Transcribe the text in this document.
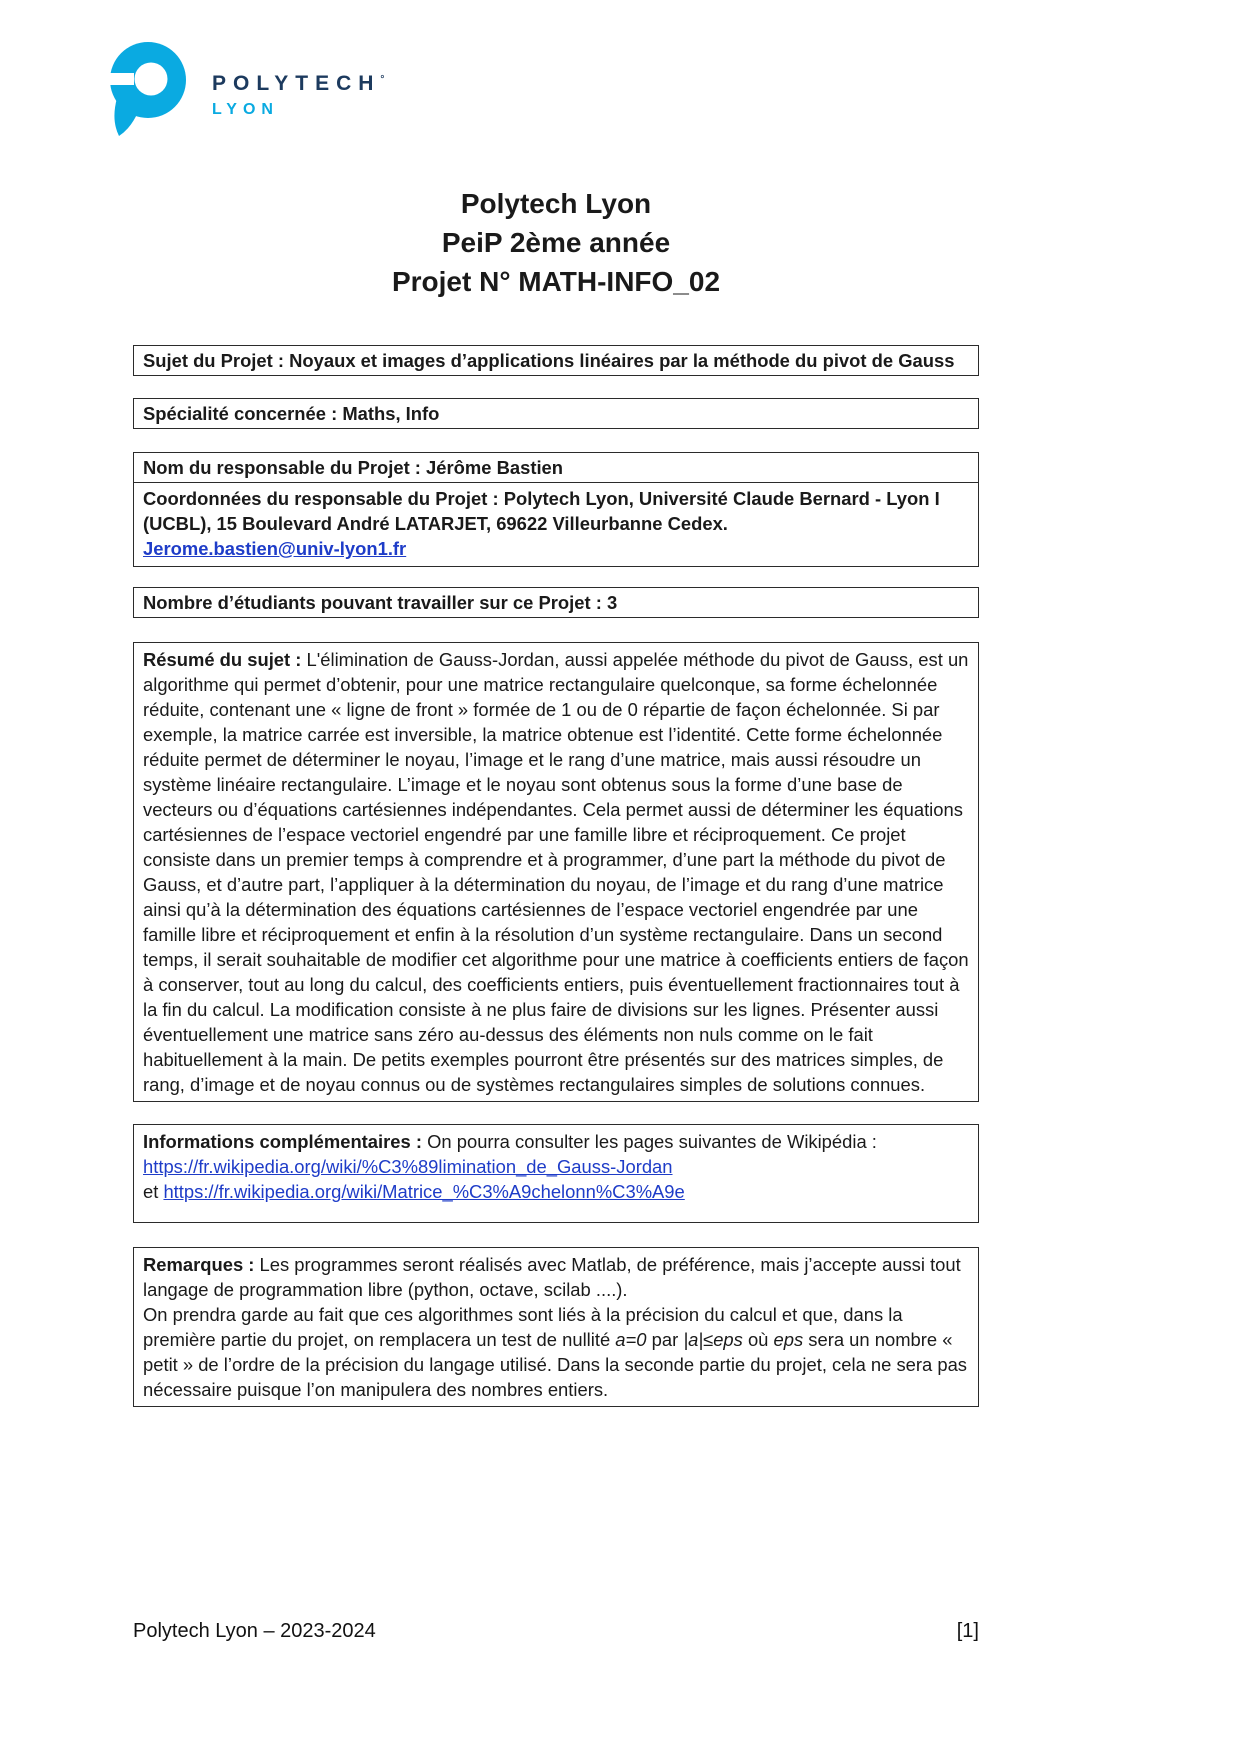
POLYTECH°
LYON
Polytech Lyon
PeiP 2ème année
Projet N° MATH-INFO_02
Sujet du Projet : Noyaux et images d’applications linéaires par la méthode du pivot de Gauss
Spécialité concernée : Maths, Info
Nom du responsable du Projet : Jérôme Bastien
Coordonnées du responsable du Projet : Polytech Lyon, Université Claude Bernard - Lyon I (UCBL), 15 Boulevard André LATARJET, 69622 Villeurbanne Cedex.
Jerome.bastien@univ-lyon1.fr
Nombre d’étudiants pouvant travailler sur ce Projet : 3
Résumé du sujet : L'élimination de Gauss-Jordan, aussi appelée méthode du pivot de Gauss, est un algorithme qui permet d’obtenir, pour une matrice rectangulaire quelconque, sa forme échelonnée réduite, contenant une « ligne de front » formée de 1 ou de 0 répartie de façon échelonnée. Si par exemple, la matrice carrée est inversible, la matrice obtenue est l’identité. Cette forme échelonnée réduite permet de déterminer le noyau, l’image et le rang d’une matrice, mais aussi résoudre un système linéaire rectangulaire. L’image et le noyau sont obtenus sous la forme d’une base de vecteurs ou d’équations cartésiennes indépendantes. Cela permet aussi de déterminer les équations cartésiennes de l’espace vectoriel engendré par une famille libre et réciproquement. Ce projet consiste dans un premier temps à comprendre et à programmer, d’une part la méthode du pivot de Gauss, et d’autre part, l’appliquer à la détermination du noyau, de l’image et du rang d’une matrice ainsi qu’à la détermination des équations cartésiennes de l’espace vectoriel engendrée par une famille libre et réciproquement et enfin à la résolution d’un système rectangulaire. Dans un second temps, il serait souhaitable de modifier cet algorithme pour une matrice à coefficients entiers de façon à conserver, tout au long du calcul, des coefficients entiers, puis éventuellement fractionnaires tout à la fin du calcul. La modification consiste à ne plus faire de divisions sur les lignes. Présenter aussi éventuellement une matrice sans zéro au-dessus des éléments non nuls comme on le fait habituellement à la main. De petits exemples pourront être présentés sur des matrices simples, de rang, d’image et de noyau connus ou de systèmes rectangulaires simples de solutions connues.
Informations complémentaires : On pourra consulter les pages suivantes de Wikipédia :
https://fr.wikipedia.org/wiki/%C3%89limination_de_Gauss-Jordan
et https://fr.wikipedia.org/wiki/Matrice_%C3%A9chelonn%C3%A9e
Remarques : Les programmes seront réalisés avec Matlab, de préférence, mais j’accepte aussi tout langage de programmation libre (python, octave, scilab ....).
On prendra garde au fait que ces algorithmes sont liés à la précision du calcul et que, dans la première partie du projet, on remplacera un test de nullité a=0 par |a|≤eps où eps sera un nombre « petit » de l’ordre de la précision du langage utilisé. Dans la seconde partie du projet, cela ne sera pas nécessaire puisque l’on manipulera des nombres entiers.
Polytech Lyon – 2023-2024	[1]
